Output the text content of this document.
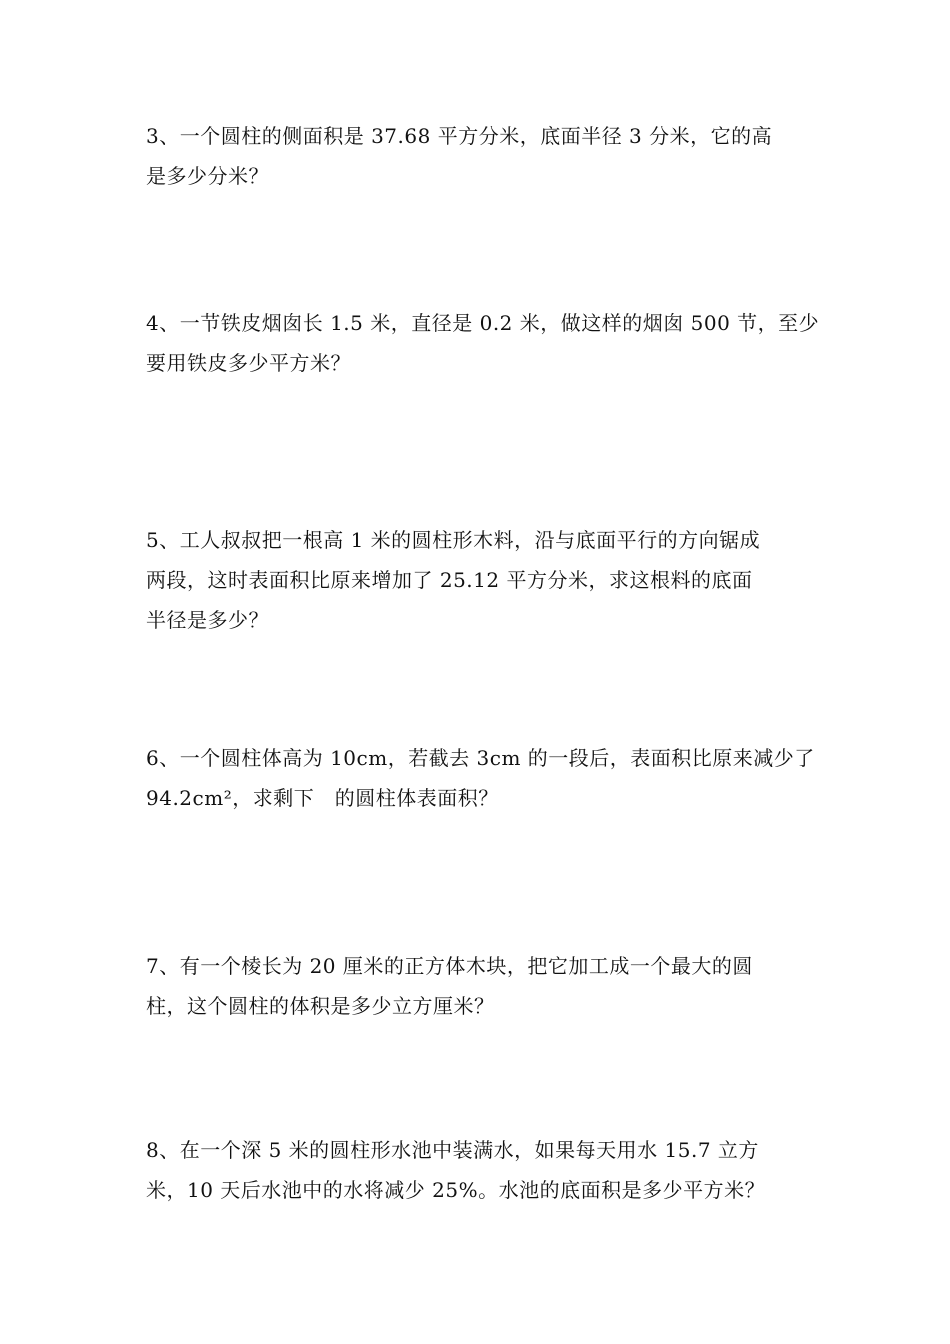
3、一个圆柱的侧面积是 37.68 平方分米，底面半径 3 分米，它的高
是多少分米？

4、一节铁皮烟囱长 1.5 米，直径是 0.2 米，做这样的烟囱 500 节，至少
要用铁皮多少平方米？

5、工人叔叔把一根高 1 米的圆柱形木料，沿与底面平行的方向锯成
两段，这时表面积比原来增加了 25.12 平方分米，求这根料的底面
半径是多少？

6、一个圆柱体高为 10cm，若截去 3cm 的一段后，表面积比原来减少了
94.2cm²，求剩下　的圆柱体表面积？

7、有一个棱长为 20 厘米的正方体木块，把它加工成一个最大的圆
柱，这个圆柱的体积是多少立方厘米？

8、在一个深 5 米的圆柱形水池中装满水，如果每天用水 15.7 立方
米，10 天后水池中的水将减少 25%。水池的底面积是多少平方米？
